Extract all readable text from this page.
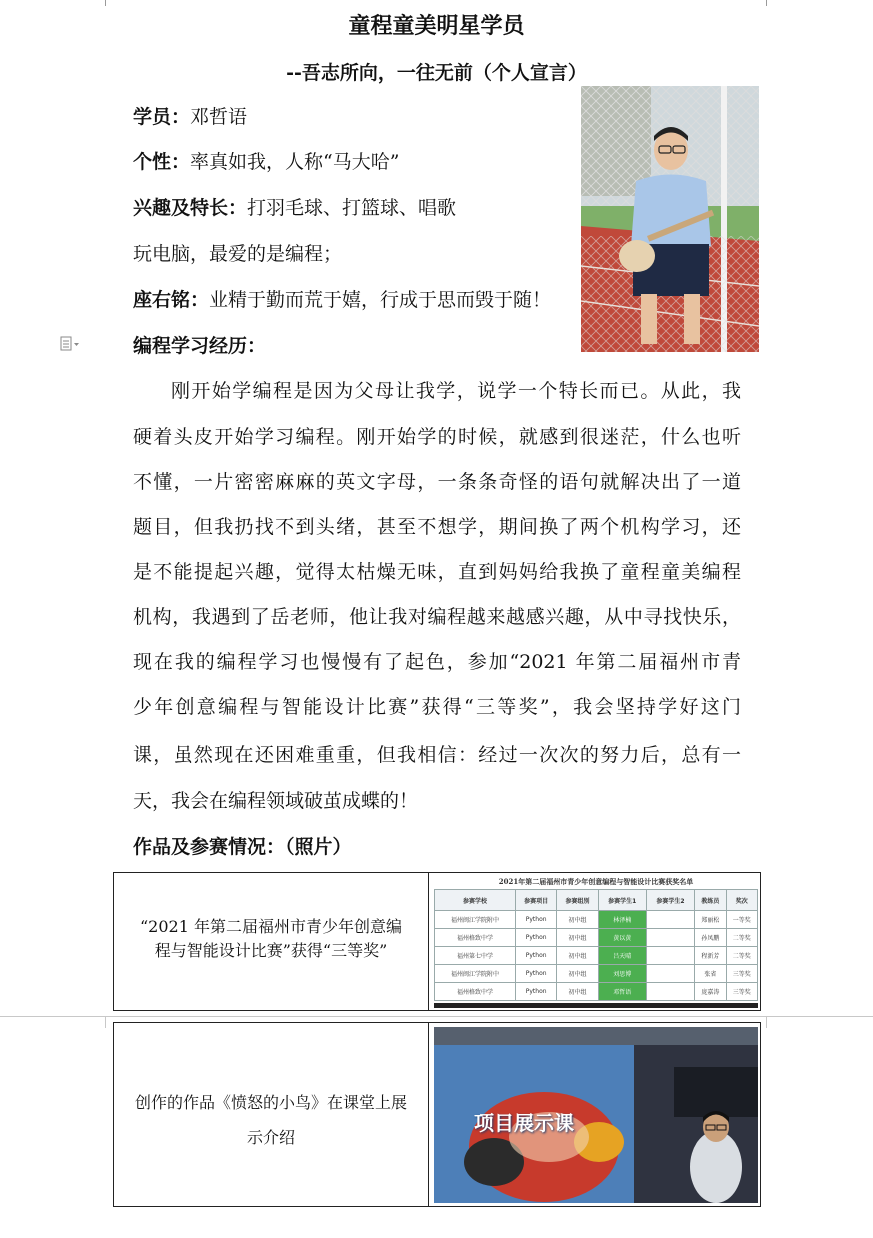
童程童美明星学员
--吾志所向，一往无前（个人宣言）
学员：邓哲语
个性：率真如我，人称“马大哈”
兴趣及特长：打羽毛球、打篮球、唱歌
玩电脑，最爱的是编程；
座右铭：业精于勤而荒于嬉，行成于思而毁于随！
编程学习经历：
刚开始学编程是因为父母让我学，说学一个特长而已。从此，我
硬着头皮开始学习编程。刚开始学的时候，就感到很迷茫，什么也听
不懂，一片密密麻麻的英文字母，一条条奇怪的语句就解决出了一道
题目，但我扔找不到头绪，甚至不想学，期间换了两个机构学习，还
是不能提起兴趣，觉得太枯燥无味，直到妈妈给我换了童程童美编程
机构，我遇到了岳老师，他让我对编程越来越感兴趣，从中寻找快乐，
现在我的编程学习也慢慢有了起色，参加“2021 年第二届福州市青
少年创意编程与智能设计比赛”获得“三等奖”，我会坚持学好这门
课，虽然现在还困难重重，但我相信：经过一次次的努力后，总有一
天，我会在编程领域破茧成蝶的！
作品及参赛情况：（照片）
“2021 年第二届福州市青少年创意编
程与智能设计比赛”获得“三等奖”
2021年第二届福州市青少年创意编程与智能设计比赛获奖名单
参赛学校	参赛项目	参赛组别	参赛学生1	参赛学生2	教练员	奖次
福州闽江学院附中	Python	初中组	林泽楠		郑丽松	一等奖
福州格致中学	Python	初中组	黄以黄		孙凤鹏	二等奖
福州第七中学	Python	初中组	吕天晴		程新芳	二等奖
福州闽江学院附中	Python	初中组	刘思博		张省	三等奖
福州格致中学	Python	初中组	邓哲语		庞嘉涛	三等奖
创作的作品《愤怒的小鸟》在课堂上展
示介绍
项目展示课
